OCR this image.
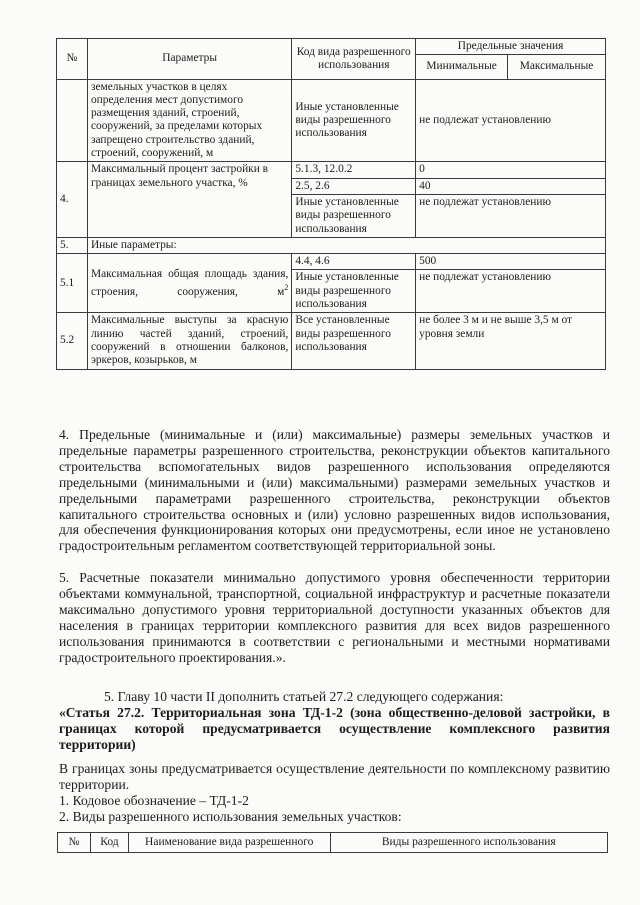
№	Параметры	Код вида разрешенного использования	Предельные значения	
			Минимальные	Максимальные
	земельных участков в целях определения мест допустимого размещения зданий, строений, сооружений, за пределами которых запрещено строительство зданий, строений, сооружений, м	Иные установленные виды разрешенного использования	не подлежат установлению	
4.	Максимальный процент застройки в границах земельного участка, %	5.1.3, 12.0.2	0	
		2.5, 2.6	40	
		Иные установленные виды разрешенного использования	не подлежат установлению	
5.	Иные параметры:			
5.1	Максимальная общая площадь здания, строения, сооружения, $м^2$	4.4, 4.6	500	
		Иные установленные виды разрешенного использования	не подлежат установлению	
5.2	Максимальные выступы за красную линию частей зданий, строений, сооружений в отношении балконов, эркеров, козырьков, м	Все установленные виды разрешенного использования	не более 3 м и не выше 3,5 м от уровня земли	
4. Предельные (минимальные и (или) максимальные) размеры земельных участков и предельные параметры разрешенного строительства, реконструкции объектов капитального строительства вспомогательных видов разрешенного использования определяются предельными (минимальными и (или) максимальными) размерами земельных участков и предельными параметрами разрешенного строительства, реконструкции объектов капитального строительства основных и (или) условно разрешенных видов использования, для обеспечения функционирования которых они предусмотрены, если иное не установлено градостроительным регламентом соответствующей территориальной зоны.
5. Расчетные показатели минимально допустимого уровня обеспеченности территории объектами коммунальной, транспортной, социальной инфраструктур и расчетные показатели максимально допустимого уровня территориальной доступности указанных объектов для населения в границах территории комплексного развития для всех видов разрешенного использования принимаются в соответствии с региональными и местными нормативами градостроительного проектирования.».
5. Главу 10 части II дополнить статьей 27.2 следующего содержания:
«Статья 27.2. Территориальная зона ТД-1-2 (зона общественно-деловой застройки, в границах которой предусматривается осуществление комплексного развития территории)
В границах зоны предусматривается осуществление деятельности по комплексному развитию территории.
1. Кодовое обозначение – ТД-1-2
2. Виды разрешенного использования земельных участков:
№	Код	Наименование вида разрешенного	Виды разрешенного использования
